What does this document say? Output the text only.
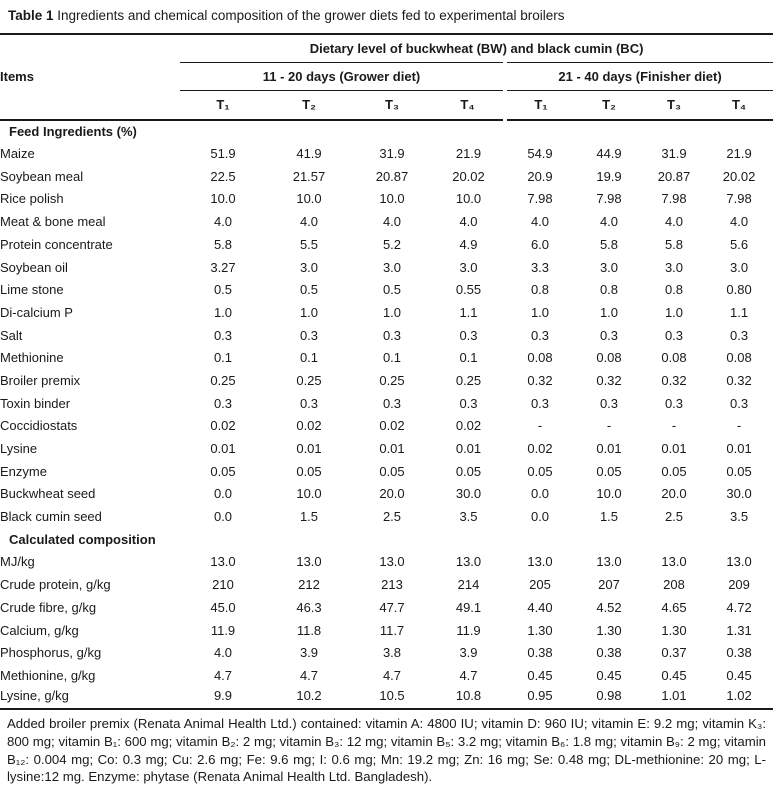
Table 1 Ingredients and chemical composition of the grower diets fed to experimental broilers

Items	Dietary level of buckwheat (BW) and black cumin (BC)							
	11 - 20 days (Grower diet)				21 - 40 days (Finisher diet)			
	T₁	T₂	T₃	T₄	T₁	T₂	T₃	T₄
Feed Ingredients (%)								
Maize	51.9	41.9	31.9	21.9	54.9	44.9	31.9	21.9
Soybean meal	22.5	21.57	20.87	20.02	20.9	19.9	20.87	20.02
Rice polish	10.0	10.0	10.0	10.0	7.98	7.98	7.98	7.98
Meat & bone meal	4.0	4.0	4.0	4.0	4.0	4.0	4.0	4.0
Protein concentrate	5.8	5.5	5.2	4.9	6.0	5.8	5.8	5.6
Soybean oil	3.27	3.0	3.0	3.0	3.3	3.0	3.0	3.0
Lime stone	0.5	0.5	0.5	0.55	0.8	0.8	0.8	0.80
Di-calcium P	1.0	1.0	1.0	1.1	1.0	1.0	1.0	1.1
Salt	0.3	0.3	0.3	0.3	0.3	0.3	0.3	0.3
Methionine	0.1	0.1	0.1	0.1	0.08	0.08	0.08	0.08
Broiler premix	0.25	0.25	0.25	0.25	0.32	0.32	0.32	0.32
Toxin binder	0.3	0.3	0.3	0.3	0.3	0.3	0.3	0.3
Coccidiostats	0.02	0.02	0.02	0.02	-	-	-	-
Lysine	0.01	0.01	0.01	0.01	0.02	0.01	0.01	0.01
Enzyme	0.05	0.05	0.05	0.05	0.05	0.05	0.05	0.05
Buckwheat seed	0.0	10.0	20.0	30.0	0.0	10.0	20.0	30.0
Black cumin seed	0.0	1.5	2.5	3.5	0.0	1.5	2.5	3.5
Calculated composition								
MJ/kg	13.0	13.0	13.0	13.0	13.0	13.0	13.0	13.0
Crude protein, g/kg	210	212	213	214	205	207	208	209
Crude fibre, g/kg	45.0	46.3	47.7	49.1	4.40	4.52	4.65	4.72
Calcium, g/kg	11.9	11.8	11.7	11.9	1.30	1.30	1.30	1.31
Phosphorus, g/kg	4.0	3.9	3.8	3.9	0.38	0.38	0.37	0.38
Methionine, g/kg	4.7	4.7	4.7	4.7	0.45	0.45	0.45	0.45
Lysine, g/kg	9.9	10.2	10.5	10.8	0.95	0.98	1.01	1.02

Added broiler premix (Renata Animal Health Ltd.) contained: vitamin A: 4800 IU; vitamin D: 960 IU; vitamin E: 9.2 mg; vitamin K₃: 800 mg; vitamin B₁: 600 mg; vitamin B₂: 2 mg; vitamin B₃: 12 mg; vitamin B₅: 3.2 mg; vitamin B₆: 1.8 mg; vitamin B₉: 2 mg; vitamin B₁₂: 0.004 mg; Co: 0.3 mg; Cu: 2.6 mg; Fe: 9.6 mg; I: 0.6 mg; Mn: 19.2 mg; Zn: 16 mg; Se: 0.48 mg; DL-methionine: 20 mg; L- lysine:12 mg. Enzyme: phytase (Renata Animal Health Ltd. Bangladesh).
